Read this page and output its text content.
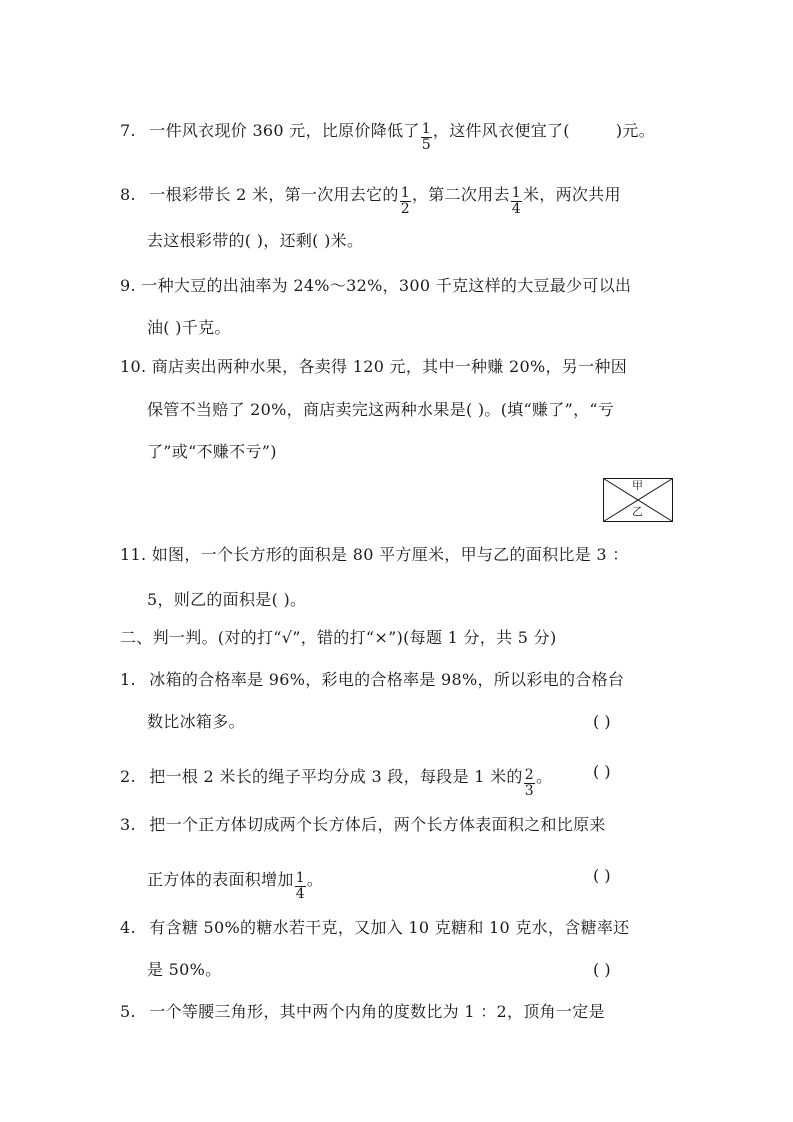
7. 一件风衣现价 360 元，比原价降低了 $\frac{1}{5}$ ，这件风衣便宜了(	)元。
8. 一根彩带长 2 米，第一次用去它的 $\frac{1}{2}$ ，第二次用去 $\frac{1}{4}$ 米，两次共用
去这根彩带的( )，还剩( )米。
9. 一种大豆的出油率为 24%～32%，300 千克这样的大豆最少可以出
油( )千克。
10. 商店卖出两种水果，各卖得 120 元，其中一种赚 20%，另一种因
保管不当赔了 20%，商店卖完这两种水果是( )。(填“赚了”，“亏
了”或“不赚不亏”)
甲
乙
11. 如图，一个长方形的面积是 80 平方厘米，甲与乙的面积比是 3 ：
5，则乙的面积是( )。
二、判一判。(对的打“√”，错的打“×”)(每题 1 分，共 5 分)
1. 冰箱的合格率是 96%，彩电的合格率是 98%，所以彩电的合格台
数比冰箱多。	( )
2. 把一根 2 米长的绳子平均分成 3 段，每段是 1 米的 $\frac{2}{3}$ 。	( )
3. 把一个正方体切成两个长方体后，两个长方体表面积之和比原来
正方体的表面积增加 $\frac{1}{4}$ 。	( )
4. 有含糖 50%的糖水若干克，又加入 10 克糖和 10 克水，含糖率还
是 50%。	( )
5. 一个等腰三角形，其中两个内角的度数比为 1 ：2，顶角一定是
